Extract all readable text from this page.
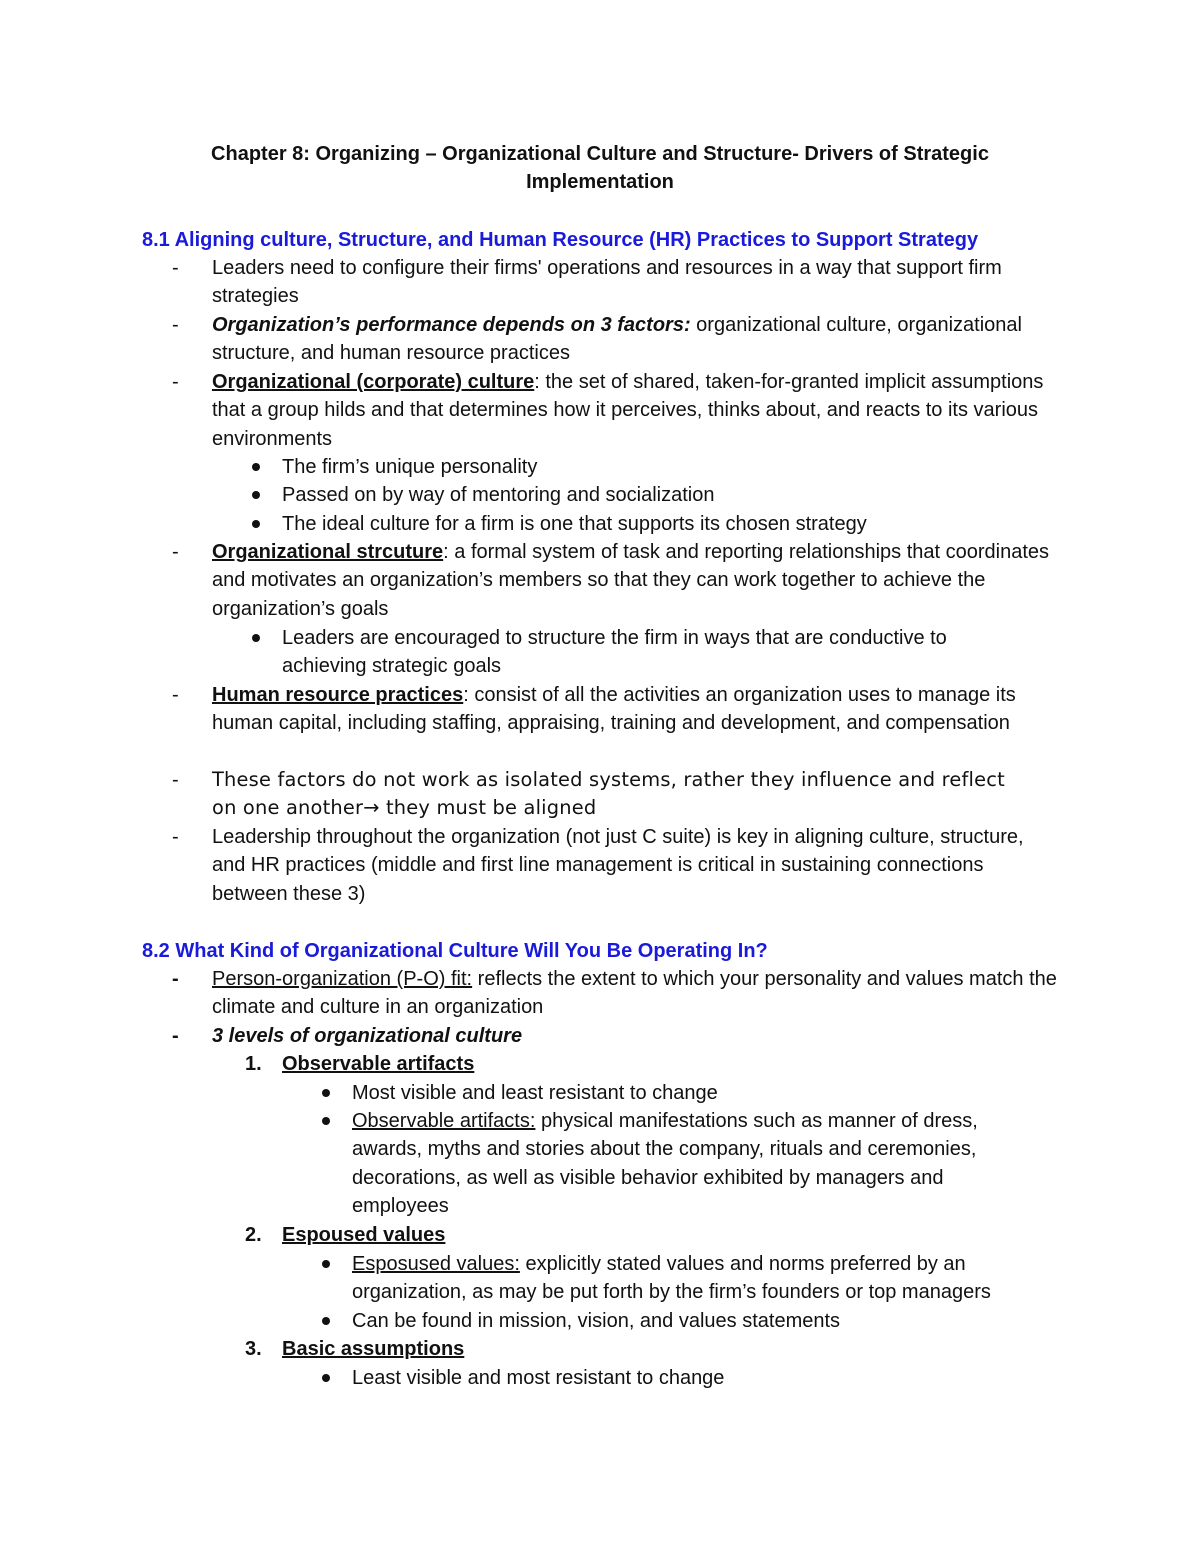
Chapter 8: Organizing – Organizational Culture and Structure- Drivers of Strategic Implementation
8.1 Aligning culture, Structure, and Human Resource (HR) Practices to Support Strategy
- Leaders need to configure their firms' operations and resources in a way that support firm strategies
- Organization’s performance depends on 3 factors: organizational culture, organizational structure, and human resource practices
- Organizational (corporate) culture: the set of shared, taken-for-granted implicit assumptions that a group hilds and that determines how it perceives, thinks about, and reacts to its various environments
The firm’s unique personality
Passed on by way of mentoring and socialization
The ideal culture for a firm is one that supports its chosen strategy
- Organizational strcuture: a formal system of task and reporting relationships that coordinates and motivates an organization’s members so that they can work together to achieve the organization’s goals
Leaders are encouraged to structure the firm in ways that are conductive to achieving strategic goals
- Human resource practices: consist of all the activities an organization uses to manage its human capital, including staffing, appraising, training and development, and compensation
- These factors do not work as isolated systems, rather they influence and reflect on one another→ they must be aligned
- Leadership throughout the organization (not just C suite) is key in aligning culture, structure, and HR practices (middle and first line management is critical in sustaining connections between these 3)
8.2 What Kind of Organizational Culture Will You Be Operating In?
- Person-organization (P-O) fit: reflects the extent to which your personality and values match the climate and culture in an organization
- 3 levels of organizational culture
1. Observable artifacts
Most visible and least resistant to change
Observable artifacts: physical manifestations such as manner of dress, awards, myths and stories about the company, rituals and ceremonies, decorations, as well as visible behavior exhibited by managers and employees
2. Espoused values
Esposused values: explicitly stated values and norms preferred by an organization, as may be put forth by the firm’s founders or top managers
Can be found in mission, vision, and values statements
3. Basic assumptions
Least visible and most resistant to change
